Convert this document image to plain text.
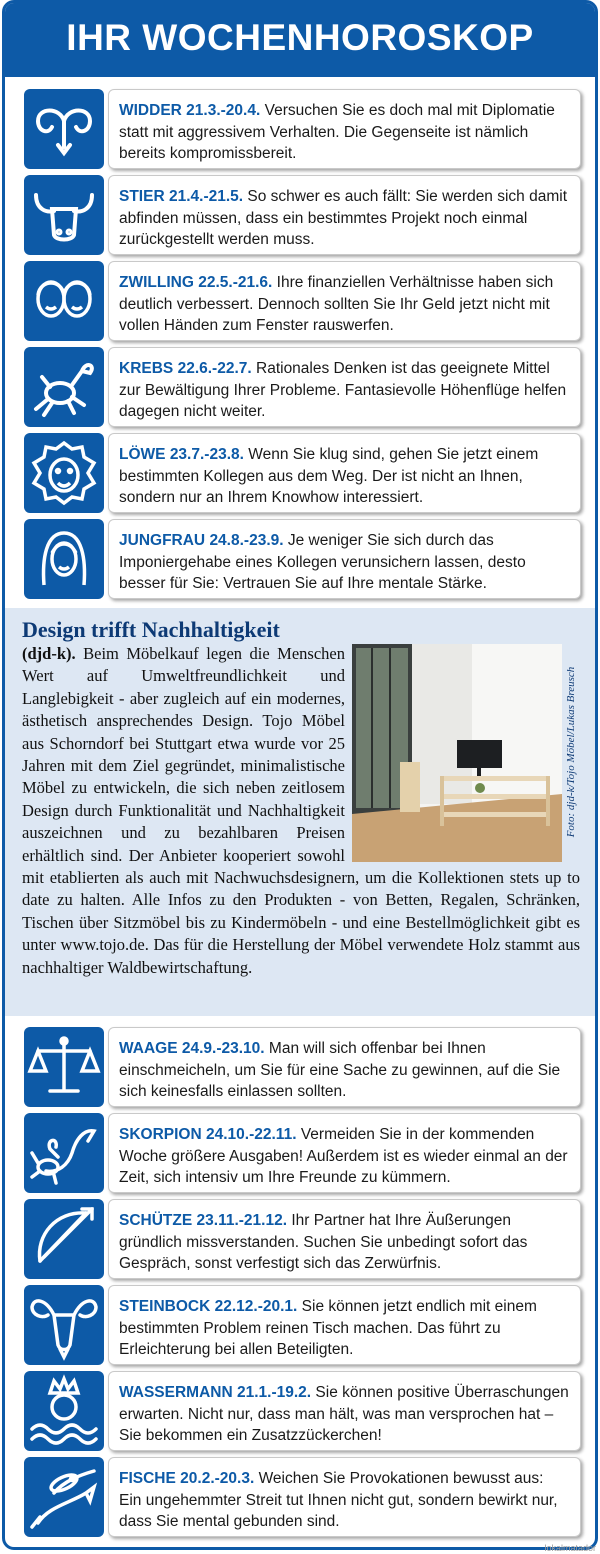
IHR WOCHENHOROSKOP
WIDDER 21.3.-20.4. Versuchen Sie es doch mal mit Diplomatie statt mit aggressivem Verhalten. Die Gegenseite ist nämlich bereits kompromissbereit.
STIER 21.4.-21.5. So schwer es auch fällt: Sie werden sich damit abfinden müssen, dass ein bestimmtes Projekt noch einmal zurückgestellt werden muss.
ZWILLING 22.5.-21.6. Ihre finanziellen Verhältnisse haben sich deutlich verbessert. Dennoch sollten Sie Ihr Geld jetzt nicht mit vollen Händen zum Fenster rauswerfen.
KREBS 22.6.-22.7. Rationales Denken ist das geeignete Mittel zur Bewältigung Ihrer Probleme. Fantasievolle Höhenflüge helfen dagegen nicht weiter.
LÖWE 23.7.-23.8. Wenn Sie klug sind, gehen Sie jetzt einem bestimmten Kollegen aus dem Weg. Der ist nicht an Ihnen, sondern nur an Ihrem Knowhow interessiert.
JUNGFRAU 24.8.-23.9. Je weniger Sie sich durch das Imponiergehabe eines Kollegen verunsichern lassen, desto besser für Sie: Vertrauen Sie auf Ihre mentale Stärke.
Design trifft Nachhaltigkeit
Foto: djd-k/Tojo Möbel/Lukas Breusch
(djd-k). Beim Möbelkauf legen die Menschen Wert auf Umweltfreundlichkeit und Langlebigkeit - aber zugleich auf ein modernes, ästhetisch ansprechendes Design. Tojo Möbel aus Schorndorf bei Stuttgart etwa wurde vor 25 Jahren mit dem Ziel gegründet, minimalistische Möbel zu entwickeln, die sich neben zeitlosem Design durch Funktionalität und Nachhaltigkeit auszeichnen und zu bezahlbaren Preisen erhältlich sind. Der Anbieter kooperiert sowohl mit etablierten als auch mit Nachwuchsdesignern, um die Kollektionen stets up to date zu halten. Alle Infos zu den Produkten - von Betten, Regalen, Schränken, Tischen über Sitzmöbel bis zu Kindermöbeln - und eine Bestellmöglichkeit gibt es unter www.tojo.de. Das für die Herstellung der Möbel verwendete Holz stammt aus nachhaltiger Waldbewirtschaftung.
WAAGE 24.9.-23.10. Man will sich offenbar bei Ihnen einschmeicheln, um Sie für eine Sache zu gewinnen, auf die Sie sich keinesfalls einlassen sollten.
SKORPION 24.10.-22.11. Vermeiden Sie in der kommenden Woche größere Ausgaben! Außerdem ist es wieder einmal an der Zeit, sich intensiv um Ihre Freunde zu kümmern.
SCHÜTZE 23.11.-21.12. Ihr Partner hat Ihre Äußerungen gründlich missverstanden. Suchen Sie unbedingt sofort das Gespräch, sonst verfestigt sich das Zerwürfnis.
STEINBOCK 22.12.-20.1. Sie können jetzt endlich mit einem bestimmten Problem reinen Tisch machen. Das führt zu Erleichterung bei allen Beteiligten.
WASSERMANN 21.1.-19.2. Sie können positive Überraschungen erwarten. Nicht nur, dass man hält, was man versprochen hat – Sie bekommen ein Zusatzzückerchen!
FISCHE 20.2.-20.3. Weichen Sie Provokationen bewusst aus: Ein ungehemmter Streit tut Ihnen nicht gut, sondern bewirkt nur, dass Sie mental gebunden sind.
lokalmatador
